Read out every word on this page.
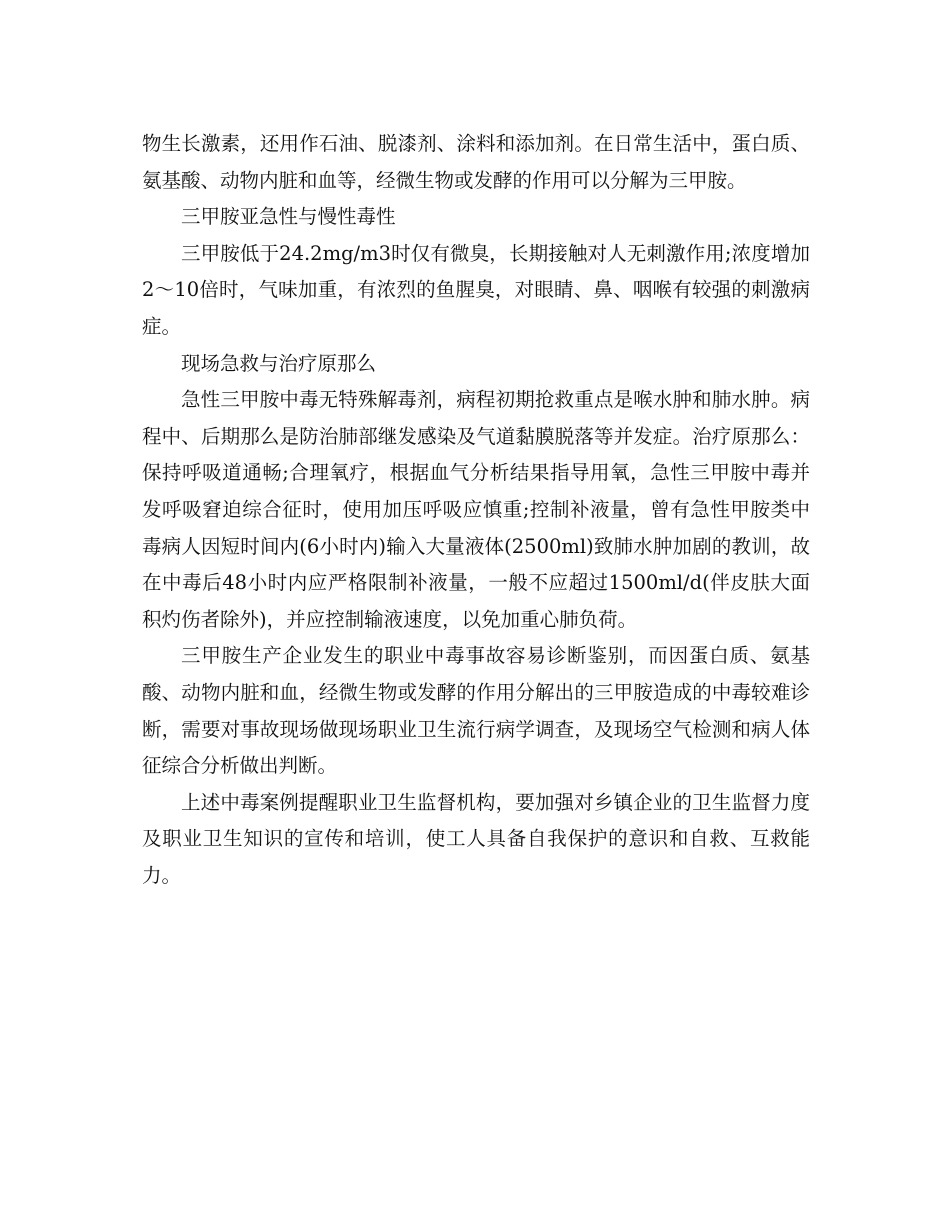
物生长激素，还用作石油、脱漆剂、涂料和添加剂。在日常生活中，蛋白质、氨基酸、动物内脏和血等，经微生物或发酵的作用可以分解为三甲胺。

三甲胺亚急性与慢性毒性

三甲胺低于24.2mg/m3时仅有微臭，长期接触对人无刺激作用;浓度增加2～10倍时，气味加重，有浓烈的鱼腥臭，对眼睛、鼻、咽喉有较强的刺激病症。

现场急救与治疗原那么

急性三甲胺中毒无特殊解毒剂，病程初期抢救重点是喉水肿和肺水肿。病程中、后期那么是防治肺部继发感染及气道黏膜脱落等并发症。治疗原那么：保持呼吸道通畅;合理氧疗，根据血气分析结果指导用氧，急性三甲胺中毒并发呼吸窘迫综合征时，使用加压呼吸应慎重;控制补液量，曾有急性甲胺类中毒病人因短时间内(6小时内)输入大量液体(2500ml)致肺水肿加剧的教训，故在中毒后48小时内应严格限制补液量，一般不应超过1500ml/d(伴皮肤大面积灼伤者除外)，并应控制输液速度，以免加重心肺负荷。

三甲胺生产企业发生的职业中毒事故容易诊断鉴别，而因蛋白质、氨基酸、动物内脏和血，经微生物或发酵的作用分解出的三甲胺造成的中毒较难诊断，需要对事故现场做现场职业卫生流行病学调查，及现场空气检测和病人体征综合分析做出判断。

上述中毒案例提醒职业卫生监督机构，要加强对乡镇企业的卫生监督力度及职业卫生知识的宣传和培训，使工人具备自我保护的意识和自救、互救能力。
